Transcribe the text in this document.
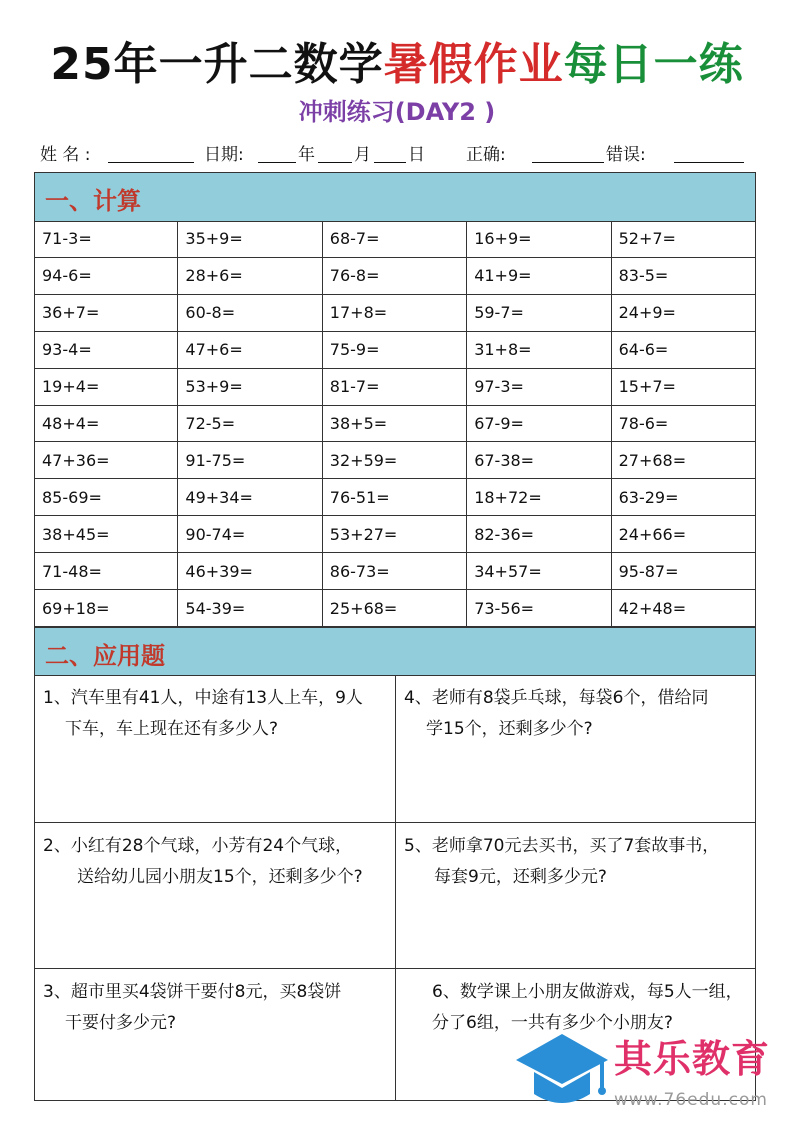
25年一升二数学暑假作业每日一练
冲刺练习(DAY2 )
姓 名 :	日期:	年 月 日 正确:	错误:
一、计算
71-3=	35+9=	68-7=	16+9=	52+7=
94-6=	28+6=	76-8=	41+9=	83-5=
36+7=	60-8=	17+8=	59-7=	24+9=
93-4=	47+6=	75-9=	31+8=	64-6=
19+4=	53+9=	81-7=	97-3=	15+7=
48+4=	72-5=	38+5=	67-9=	78-6=
47+36=	91-75=	32+59=	67-38=	27+68=
85-69=	49+34=	76-51=	18+72=	63-29=
38+45=	90-74=	53+27=	82-36=	24+66=
71-48=	46+39=	86-73=	34+57=	95-87=
69+18=	54-39=	25+68=	73-56=	42+48=
二、应用题

1、汽车里有41人，中途有13人上车，9人

下车，车上现在还有多少人?

4、老师有8袋乒乓球，每袋6个，借给同

学15个，还剩多少个?

2、小红有28个气球，小芳有24个气球，

送给幼儿园小朋友15个，还剩多少个?

5、老师拿70元去买书，买了7套故事书，

每套9元，还剩多少元?

3、超市里买4袋饼干要付8元，买8袋饼

干要付多少元?

6、数学课上小朋友做游戏，每5人一组，

分了6组，一共有多少个小朋友?

其乐教育
www.76edu.com
